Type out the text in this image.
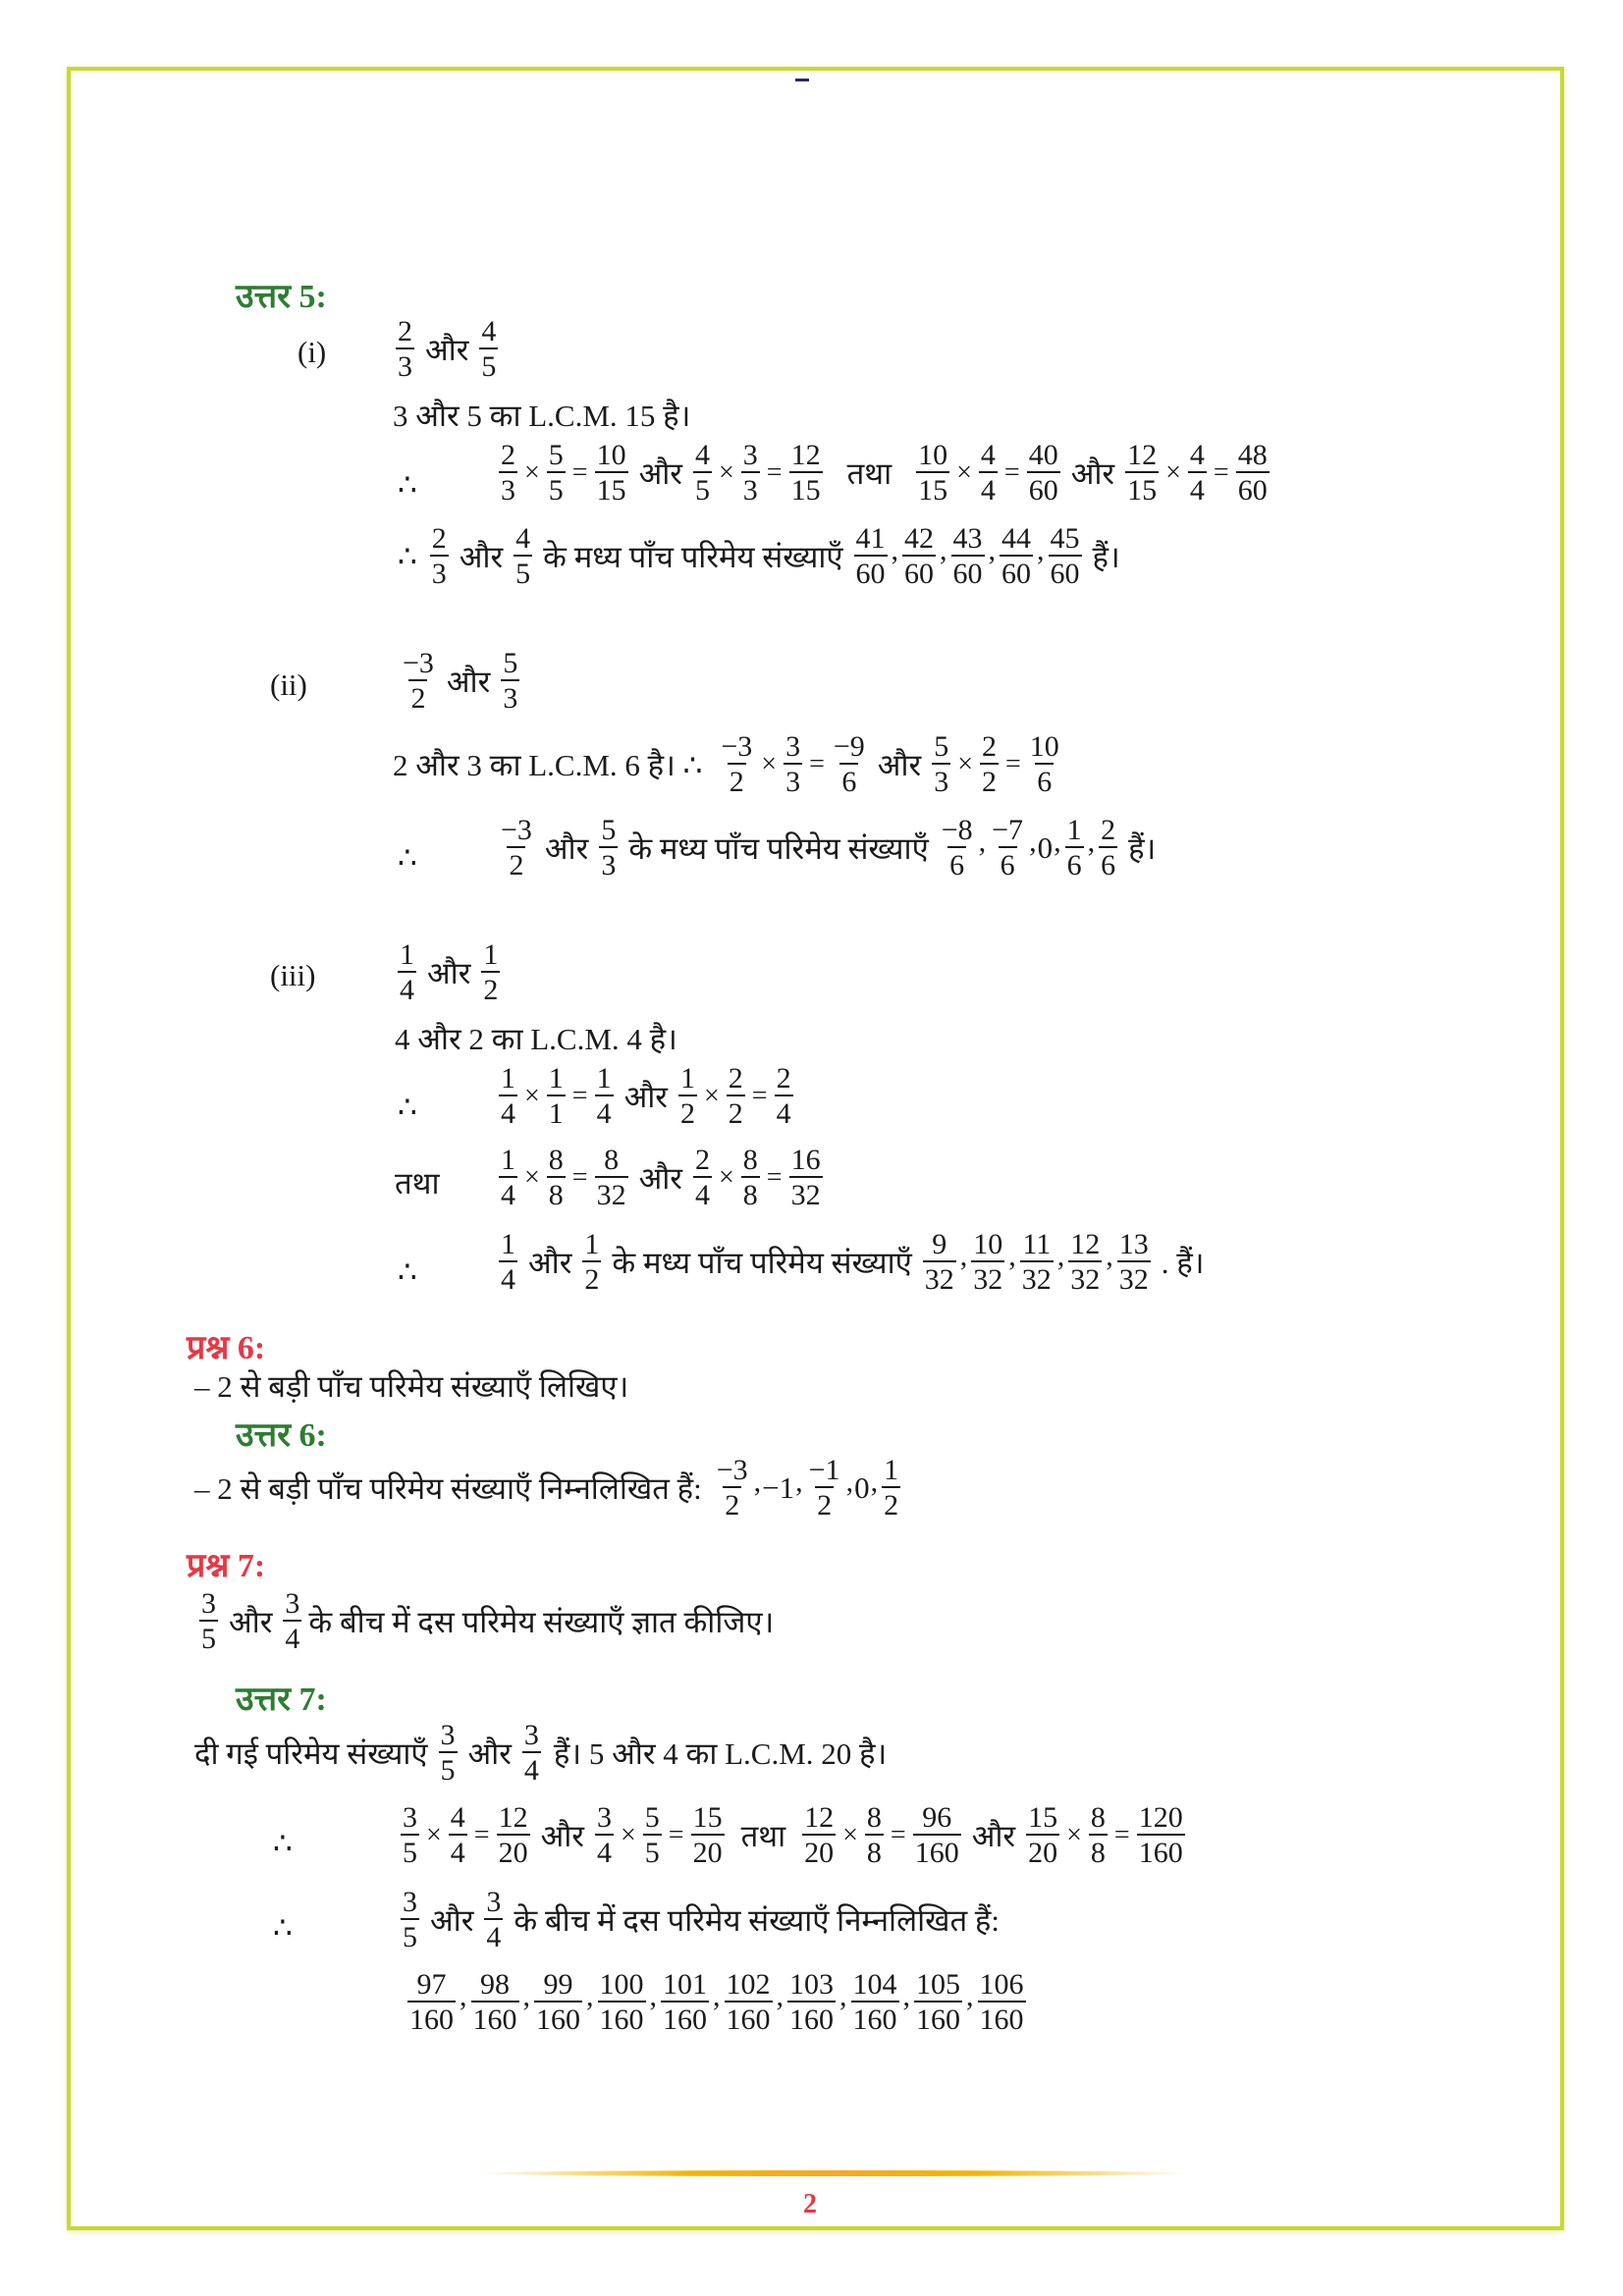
उत्तर 5:
$(i) \frac{2}{3}$ और $\frac{4}{5}$
3 और 5 का L.C.M. 15 है।
∴	$\frac{2}{3} \times \frac{5}{5} = \frac{10}{15}$ और $\frac{4}{5} \times \frac{3}{3} = \frac{12}{15}$ तथा $\frac{10}{15} \times \frac{4}{4} = \frac{40}{60}$ और $\frac{12}{15} \times \frac{4}{4} = \frac{48}{60}$
∴ $\frac{2}{3}$ और $\frac{4}{5}$ के मध्य पाँच परिमेय संख्याएँ $\frac{41}{60}$ , $\frac{42}{60}$ , $\frac{43}{60}$ , $\frac{44}{60}$ , $\frac{45}{60}$ हैं।
(ii)	$\frac{-3}{2}$ और $\frac{5}{3}$
2 और 3 का L.C.M. 6 है। ∴ $\frac{-3}{2} \times \frac{3}{3} = \frac{-9}{6}$ और $\frac{5}{3} \times \frac{2}{2} = \frac{10}{6}$
∴	$\frac{-3}{2}$ और $\frac{5}{3}$ के मध्य पाँच परिमेय संख्याएँ $\frac{-8}{6}$ , $\frac{-7}{6}$ , 0 , $\frac{1}{6}$ , $\frac{2}{6}$ हैं।
(iii)	$\frac{1}{4}$ और $\frac{1}{2}$
4 और 2 का L.C.M. 4 है।
∴	$\frac{1}{4} \times \frac{1}{1} = \frac{1}{4}$ और $\frac{1}{2} \times \frac{2}{2} = \frac{2}{4}$
तथा $\frac{1}{4} \times \frac{8}{8} = \frac{8}{32}$ और $\frac{2}{4} \times \frac{8}{8} = \frac{16}{32}$
∴	$\frac{1}{4}$ और $\frac{1}{2}$ के मध्य पाँच परिमेय संख्याएँ $\frac{9}{32}$ , $\frac{10}{32}$ , $\frac{11}{32}$ , $\frac{12}{32}$ , $\frac{13}{32}$ . हैं।
प्रश्न 6:
– 2 से बड़ी पाँच परिमेय संख्याएँ लिखिए।
उत्तर 6:
– 2 से बड़ी पाँच परिमेय संख्याएँ निम्नलिखित हैं: $\frac{-3}{2}$ , −1 , $\frac{-1}{2}$ , 0 , $\frac{1}{2}$
प्रश्न 7:
$\frac{3}{5}$ और $\frac{3}{4}$ के बीच में दस परिमेय संख्याएँ ज्ञात कीजिए।
उत्तर 7:
दी गई परिमेय संख्याएँ $\frac{3}{5}$ और $\frac{3}{4}$ हैं। 5 और 4 का L.C.M. 20 है।
∴	$\frac{3}{5} \times \frac{4}{4} = \frac{12}{20}$ और $\frac{3}{4} \times \frac{5}{5} = \frac{15}{20}$ तथा $\frac{12}{20} \times \frac{8}{8} = \frac{96}{160}$ और $\frac{15}{20} \times \frac{8}{8} = \frac{120}{160}$
∴	$\frac{3}{5}$ और $\frac{3}{4}$ के बीच में दस परिमेय संख्याएँ निम्नलिखित हैं:
$\frac{97}{160}$ , $\frac{98}{160}$ , $\frac{99}{160}$ , $\frac{100}{160}$ , $\frac{101}{160}$ , $\frac{102}{160}$ , $\frac{103}{160}$ , $\frac{104}{160}$ , $\frac{105}{160}$ , $\frac{106}{160}$
2
